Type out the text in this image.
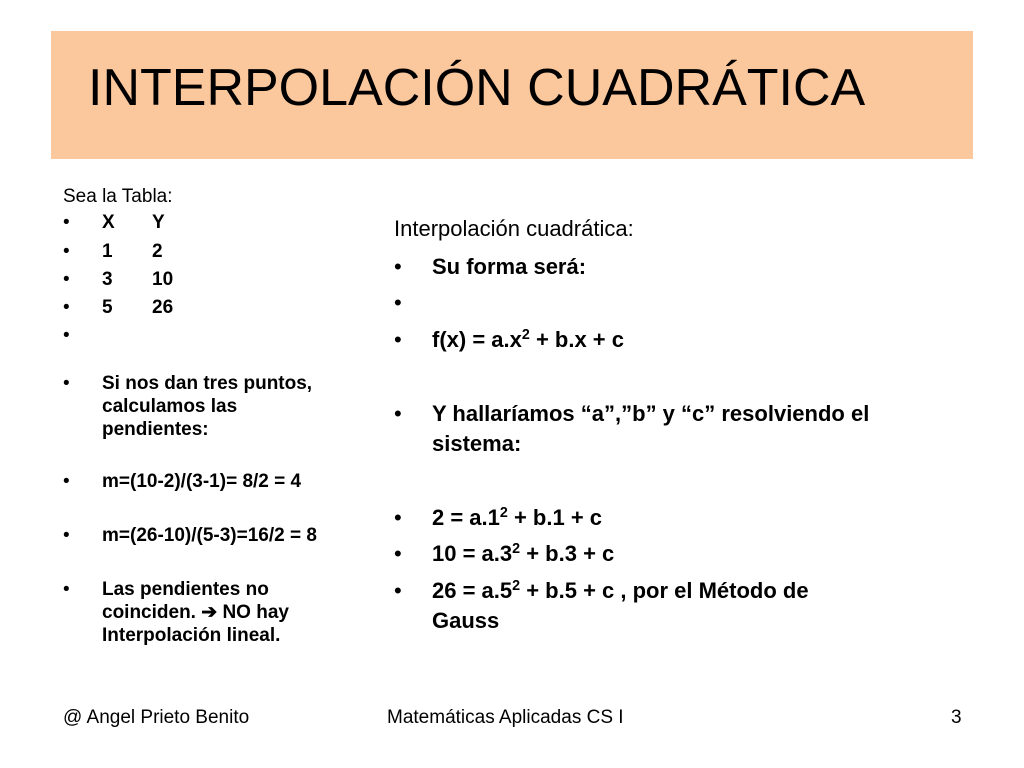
INTERPOLACIÓN CUADRÁTICA
Sea la Tabla:
• X Y
• 1 2
• 3 10
• 5 26
•
• Si nos dan tres puntos,
calculamos las
pendientes:
• m=(10-2)/(3-1)= 8/2 = 4
• m=(26-10)/(5-3)=16/2 = 8
• Las pendientes no
coinciden. ➔ NO hay
Interpolación lineal.
Interpolación cuadrática:
• Su forma será:
•
• $f(x) = a.x^2 + b.x + c$
• Y hallaríamos “a”,”b” y “c” resolviendo el
sistema:
• $2 = a.1^2 + b.1 + c$
• $10 = a.3^2 + b.3 + c$
• $26 = a.5^2 + b.5 + c$ , por el Método de
Gauss
@ Angel Prieto Benito	Matemáticas Aplicadas CS I	3
